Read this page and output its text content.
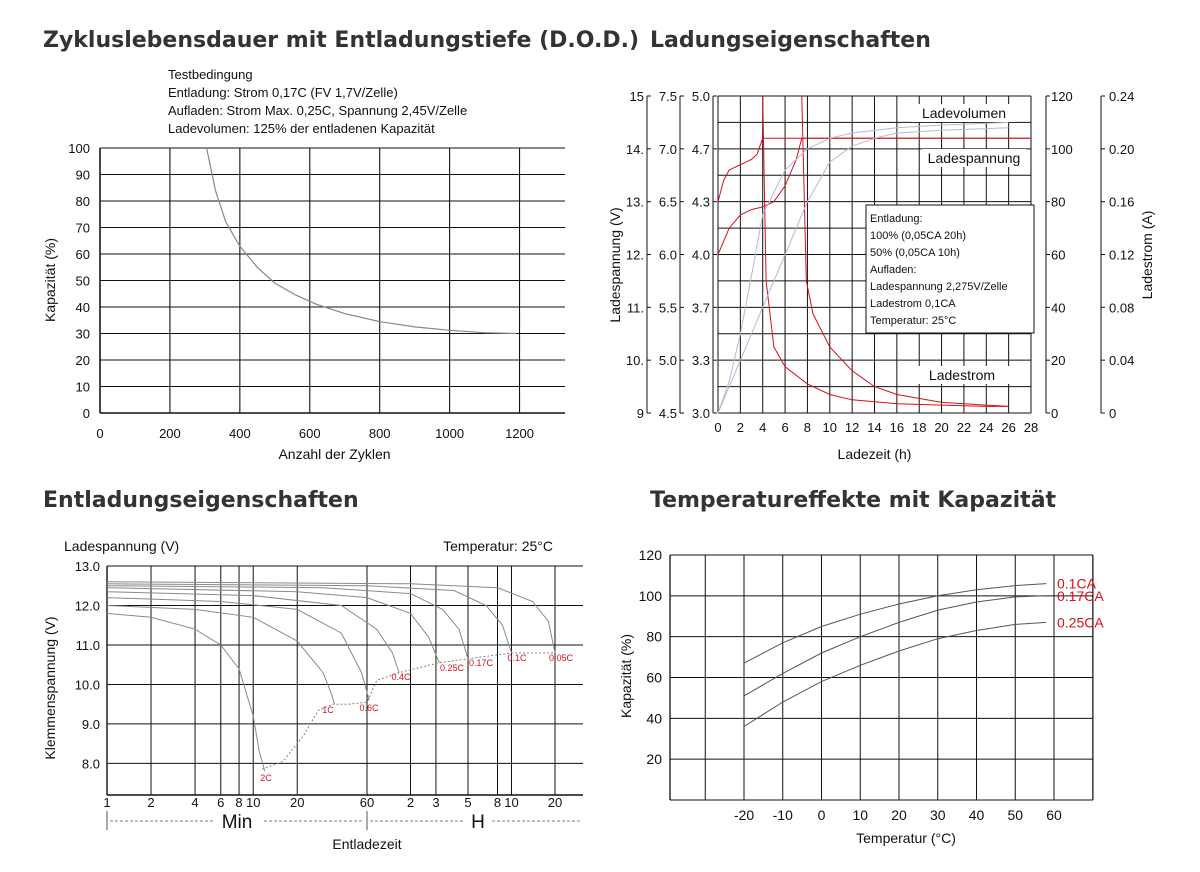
Zykluslebensdauer mit Entladungstiefe (D.O.D.) Ladungseigenschaften
Entladungseigenschaften	Temperatureffekte mit Kapazität
Testbedingung
Entladung: Strom 0,17C (FV 1,7V/Zelle)
Aufladen: Strom Max. 0,25C, Spannung 2,45V/Zelle
Ladevolumen: 125% der entladenen Kapazität
0
10
20
30
40
50
60
70
80
90
100
0	200	400	600	800	1000	1200
Anzahl der Zyklen
Kapazität (%)
0 2 4 6 8 10 12 14 16 18 20 22 24 26 28
Ladezeit (h)
9
10.
11.
12.
13.
14.
15
4.5
5.0
5.5
6.0
6.5
7.0
7.5
3.0
3.3
3.7
4.0
4.3
4.7
5.0
Ladespannung (V)
0
20
40
60
80
100
120
0
0.04
0.08
0.12
0.16
0.20
0.24
Ladestrom (A)
Entladung:
100% (0,05CA 20h)
50% (0,05CA 10h)
Aufladen:
Ladespannung 2,275V/Zelle
Ladestrom 0,1CA
Temperatur: 25°C
Ladevolumen
Ladespannung
Ladestrom
8.0
9.0
10.0
11.0
12.0
13.0
1	2	4 6 8 10 20	60	2 3 5 8 10 20
Min	H
Entladezeit
Ladespannung (V)	Temperatur: 25°C
Klemmenspannung (V)
2C
1C	0.6C
0.4C
0.25C 0.17C 0.1C 0.05C
20
40
60
80
100
120
-20 -10 0 10 20 30 40 50 60
Temperatur (°C)
Kapazität (%)
0.1CA
0.17CA
0.25CA
